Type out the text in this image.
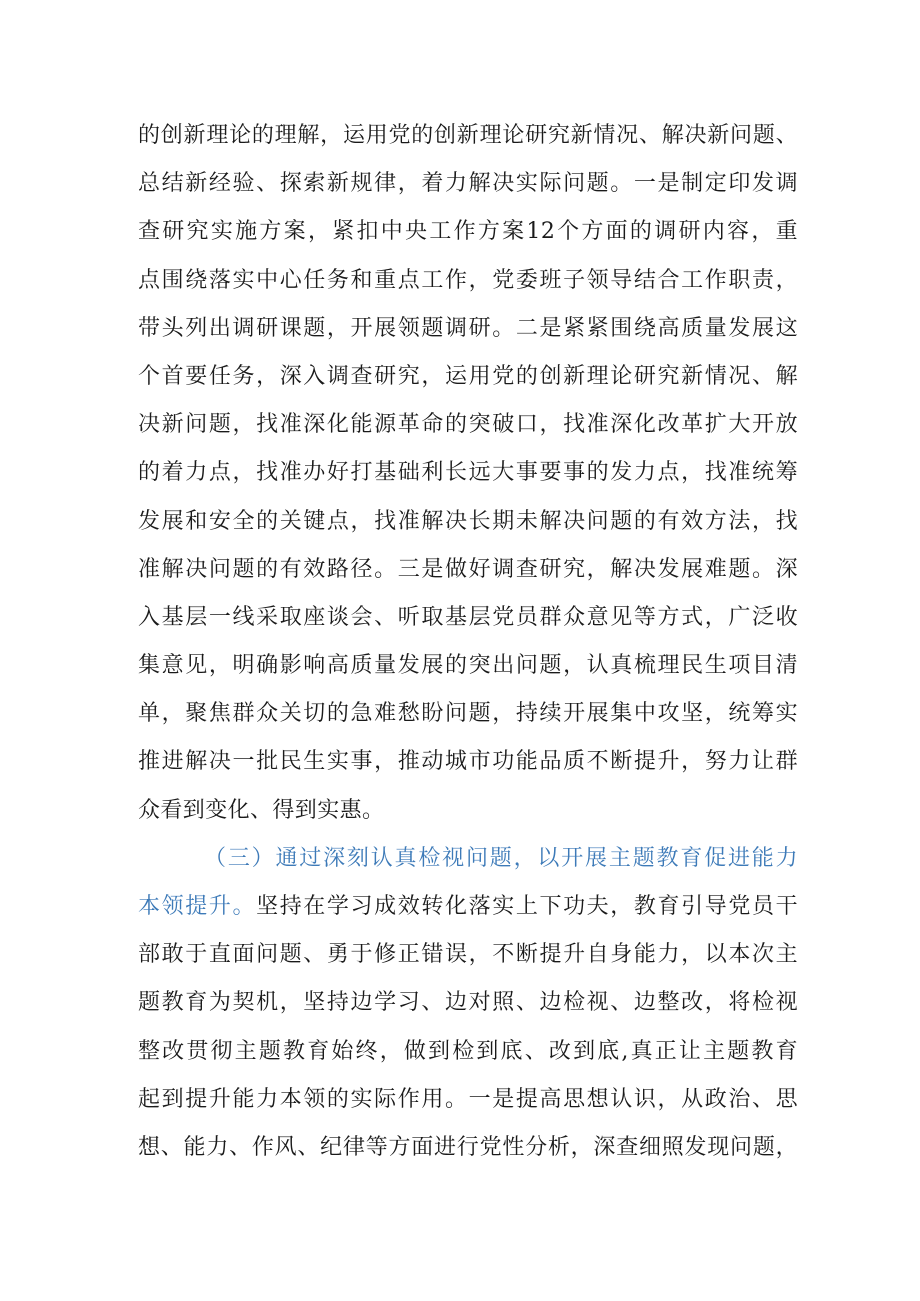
的创新理论的理解，运用党的创新理论研究新情况、解决新问题、
总结新经验、探索新规律，着力解决实际问题。一是制定印发调
查研究实施方案，紧扣中央工作方案12个方面的调研内容，重
点围绕落实中心任务和重点工作，党委班子领导结合工作职责，
带头列出调研课题，开展领题调研。二是紧紧围绕高质量发展这
个首要任务，深入调查研究，运用党的创新理论研究新情况、解
决新问题，找准深化能源革命的突破口，找准深化改革扩大开放
的着力点，找准办好打基础利长远大事要事的发力点，找准统筹
发展和安全的关键点，找准解决长期未解决问题的有效方法，找
准解决问题的有效路径。三是做好调查研究，解决发展难题。深
入基层一线采取座谈会、听取基层党员群众意见等方式，广泛收
集意见，明确影响高质量发展的突出问题，认真梳理民生项目清
单，聚焦群众关切的急难愁盼问题，持续开展集中攻坚，统筹实
推进解决一批民生实事，推动城市功能品质不断提升，努力让群
众看到变化、得到实惠。
（三）通过深刻认真检视问题，以开展主题教育促进能力
本领提升。坚持在学习成效转化落实上下功夫，教育引导党员干
部敢于直面问题、勇于修正错误，不断提升自身能力，以本次主
题教育为契机，坚持边学习、边对照、边检视、边整改，将检视
整改贯彻主题教育始终，做到检到底、改到底,真正让主题教育
起到提升能力本领的实际作用。一是提高思想认识，从政治、思
想、能力、作风、纪律等方面进行党性分析，深查细照发现问题，
